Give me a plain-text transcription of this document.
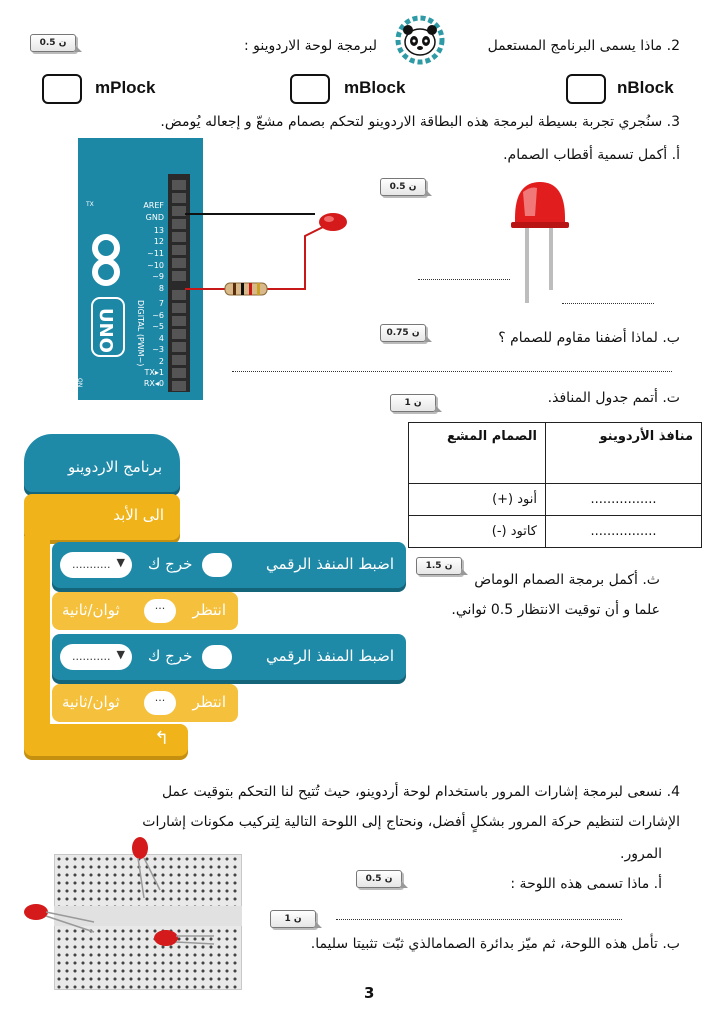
0.5 ن	2. ماذا يسمى البرنامج المستعمل
لبرمجة لوحة الاردوينو :
nBlock
mBlock
mPlock
3. سنُجري تجربة بسيطة لبرمجة هذه البطاقة الاردوينو لتحكم بصمام مشعّ و إجعاله يُومض.
AREF
GND
13
12
~11
~10
~9
8
7
~6
~5
4
~3
2
TX▸1
RX◂0
DIGITAL (PWM~)
UNO
TX
ON
أ. أكمل تسمية أقطاب الصمام.
0.5 ن
ب. لماذا أضفنا مقاوم للصمام ؟
0.75 ن
ت. أتمم جدول المنافذ.
1 ن
الصمام المشع	منافذ الأردوينو
أنود (+)	................
كاتود (-)	................
1.5 ن
ث. أكمل برمجة الصمام الوماض
علما و أن توقيت الانتظار 0.5 ثواني.
برنامج الاردوينو
الى الأبد
↰
اضبط المنفذ الرقمي
خرج ك
........... ▼
انتظر
...
ثوان/ثانية
اضبط المنفذ الرقمي
خرج ك
........... ▼
انتظر
...
ثوان/ثانية
4. نسعى لبرمجة إشارات المرور باستخدام لوحة أردوينو، حيث تُتيح لنا التحكم بتوقيت عمل
الإشارات لتنظيم حركة المرور بشكلٍ أفضل، ونحتاج إلى اللوحة التالية لِتركيب مكونات إشارات
المرور.
0.5 ن	أ. ماذا تسمى هذه اللوحة :
1 ن
ب. تأمل هذه اللوحة، ثم ميّز بدائرة الصمامالذي ثبّت تثبيتا سليما.
3
